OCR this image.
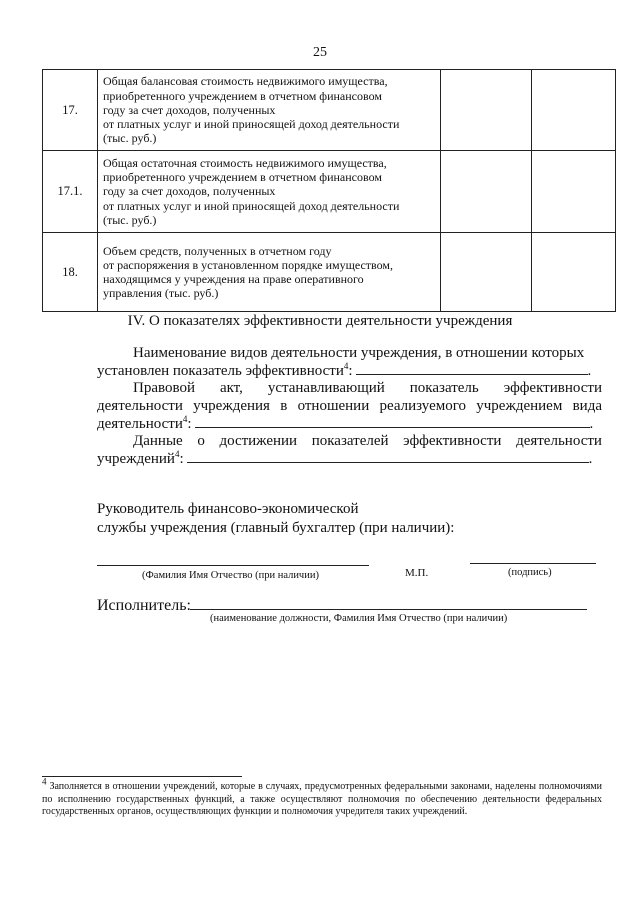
25
17.	Общая балансовая стоимость недвижимого имущества,
приобретенного учреждением в отчетном финансовом
году за счет доходов, полученных
от платных услуг и иной приносящей доход деятельности
(тыс. руб.)		

17.1.	Общая остаточная стоимость недвижимого имущества,
приобретенного учреждением в отчетном финансовом
году за счет доходов, полученных
от платных услуг и иной приносящей доход деятельности
(тыс. руб.)		

18.	Объем средств, полученных в отчетном году
от распоряжения в установленном порядке имуществом,
находящимся у учреждения на праве оперативного
управления (тыс. руб.)		

IV. О показателях эффективности деятельности учреждения
Наименование видов деятельности учреждения, в отношении которых
установлен показатель эффективности$^4$:	.
Правовой акт, устанавливающий показатель эффективности
деятельности учреждения в отношении реализуемого учреждением вида
деятельности$^4$:	.
Данные о достижении показателей эффективности деятельности
учреждений$^4$:	.
Руководитель финансово-экономической
службы учреждения (главный бухгалтер (при наличии):
(Фамилия Имя Отчество (при наличии)	М.П.	(подпись)
Исполнитель:
(наименование должности, Фамилия Имя Отчество (при наличии)
4 Заполняется в отношении учреждений, которые в случаях, предусмотренных федеральными законами, наделены полномочиями по исполнению государственных функций, а также осуществляют полномочия по обеспечению деятельности федеральных государственных органов, осуществляющих функции и полномочия учредителя таких учреждений.
